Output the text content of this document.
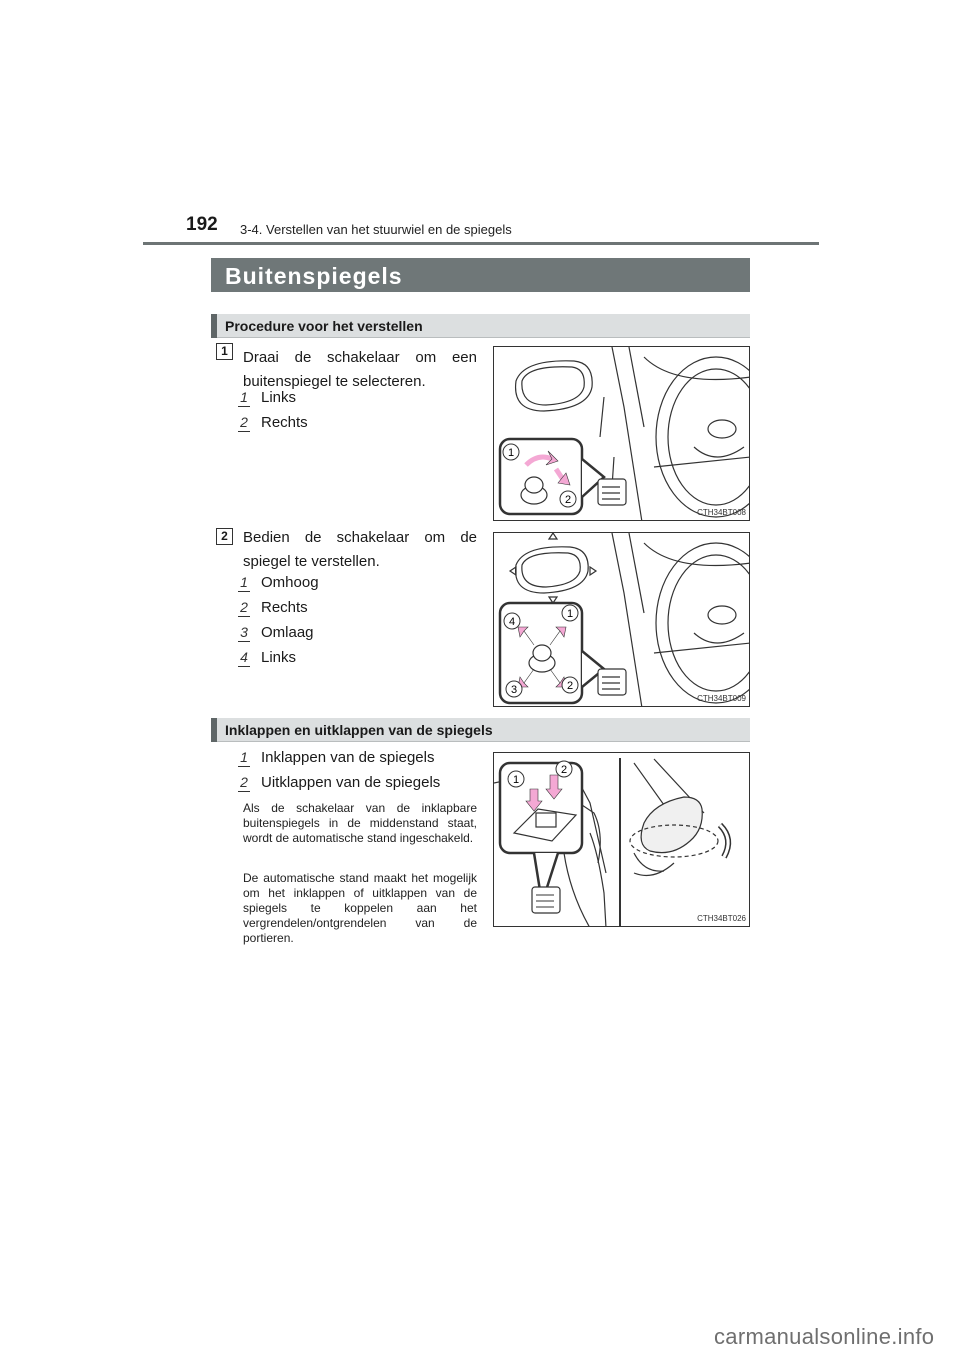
192 3-4. Verstellen van het stuurwiel en de spiegels
Buitenspiegels
Procedure voor het verstellen
1	Draai de schakelaar om een buitenspiegel te selecteren.
1 Links
2 Rechts
1
2
CTH34BT008
2	Bedien de schakelaar om de spiegel te verstellen.
1 Omhoog
2 Rechts
3 Omlaag
4 Links
4
1
3	2
CTH34BT009
Inklappen en uitklappen van de spiegels
1 Inklappen van de spiegels
2 Uitklappen van de spiegels
Als de schakelaar van de inklapbare buitenspiegels in de middenstand staat, wordt de automatische stand ingeschakeld.
De automatische stand maakt het mogelijk om het inklappen of uitklappen van de spiegels te koppelen aan het vergrendelen/ontgrendelen van de portieren.
1
2
CTH34BT026
carmanualsonline.info
